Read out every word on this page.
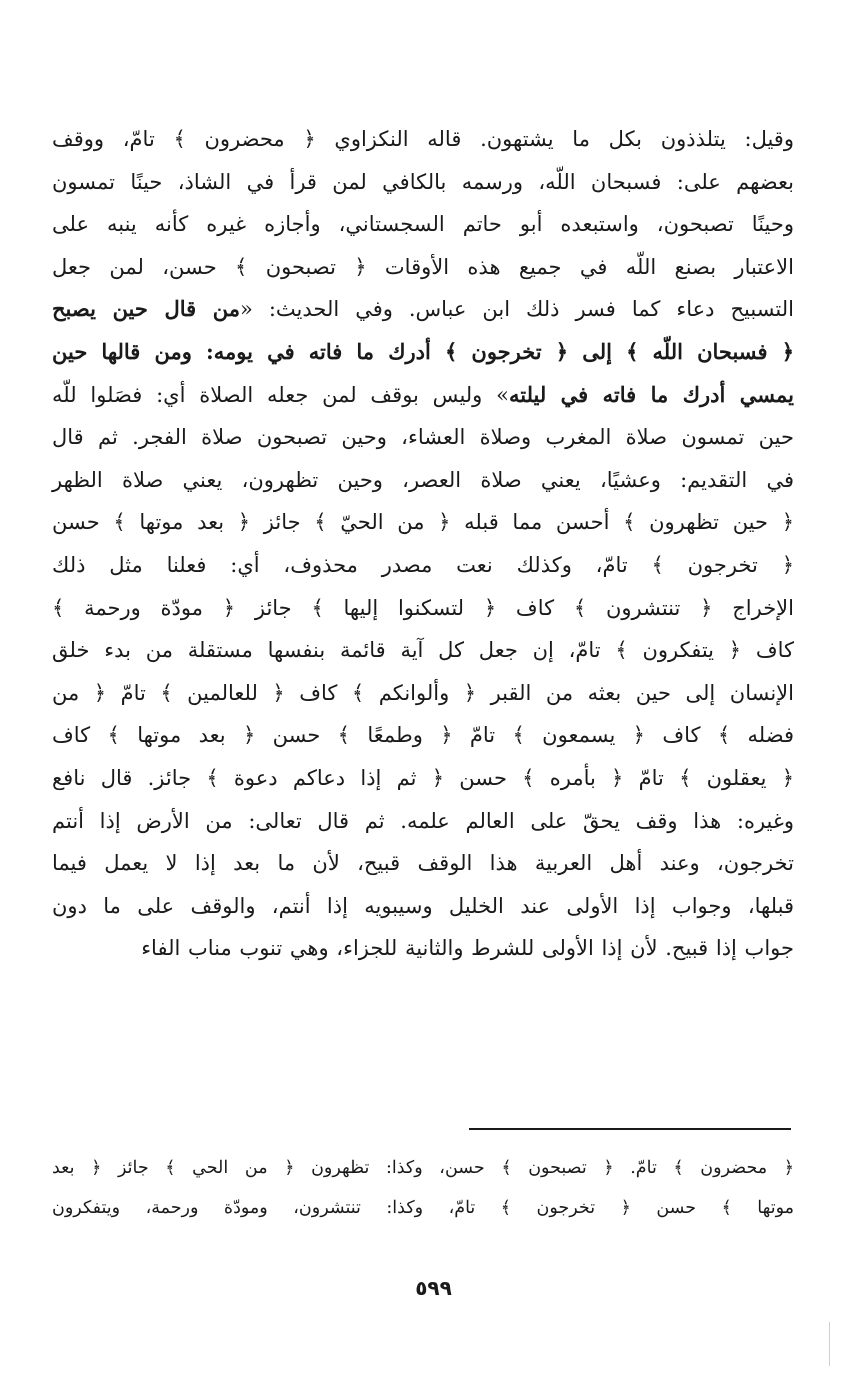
وقيل: يتلذذون بكل ما يشتهون. قاله النكزاوي ﴿ محضرون ﴾ تامّ، ووقف
بعضهم على: فسبحان اللّه، ورسمه بالكافي لمن قرأ في الشاذ، حينًا تمسون
وحينًا تصبحون، واستبعده أبو حاتم السجستاني، وأجازه غيره كأنه ينبه على
الاعتبار بصنع اللّه في جميع هذه الأوقات ﴿ تصبحون ﴾ حسن، لمن جعل
التسبيح دعاء كما فسر ذلك ابن عباس. وفي الحديث: «من قال حين يصبح
﴿ فسبحان اللّه ﴾ إلى ﴿ تخرجون ﴾ أدرك ما فاته في يومه: ومن قالها حين
يمسي أدرك ما فاته في ليلته» وليس بوقف لمن جعله الصلاة أي: فصَلوا للّه
حين تمسون صلاة المغرب وصلاة العشاء، وحين تصبحون صلاة الفجر. ثم قال
في التقديم: وعشيًا، يعني صلاة العصر، وحين تظهرون، يعني صلاة الظهر
﴿ حين تظهرون ﴾ أحسن مما قبله ﴿ من الحيّ ﴾ جائز ﴿ بعد موتها ﴾ حسن
﴿ تخرجون ﴾ تامّ، وكذلك نعت مصدر محذوف، أي: فعلنا مثل ذلك
الإخراج ﴿ تنتشرون ﴾ كاف ﴿ لتسكنوا إليها ﴾ جائز ﴿ مودّة ورحمة ﴾
كاف ﴿ يتفكرون ﴾ تامّ، إن جعل كل آية قائمة بنفسها مستقلة من بدء خلق
الإنسان إلى حين بعثه من القبر ﴿ وألوانكم ﴾ كاف ﴿ للعالمين ﴾ تامّ ﴿ من
فضله ﴾ كاف ﴿ يسمعون ﴾ تامّ ﴿ وطمعًا ﴾ حسن ﴿ بعد موتها ﴾ كاف
﴿ يعقلون ﴾ تامّ ﴿ بأمره ﴾ حسن ﴿ ثم إذا دعاكم دعوة ﴾ جائز. قال نافع
وغيره: هذا وقف يحقّ على العالم علمه. ثم قال تعالى: من الأرض إذا أنتم
تخرجون، وعند أهل العربية هذا الوقف قبيح، لأن ما بعد إذا لا يعمل فيما
قبلها، وجواب إذا الأولى عند الخليل وسيبويه إذا أنتم، والوقف على ما دون
جواب إذا قبيح. لأن إذا الأولى للشرط والثانية للجزاء، وهي تنوب مناب الفاء
﴿ محضرون ﴾ تامّ. ﴿ تصبحون ﴾ حسن، وكذا: تظهرون ﴿ من الحي ﴾ جائز ﴿ بعد
موتها ﴾ حسن ﴿ تخرجون ﴾ تامّ، وكذا: تنتشرون، ومودّة ورحمة، ويتفكرون
٥٩٩
